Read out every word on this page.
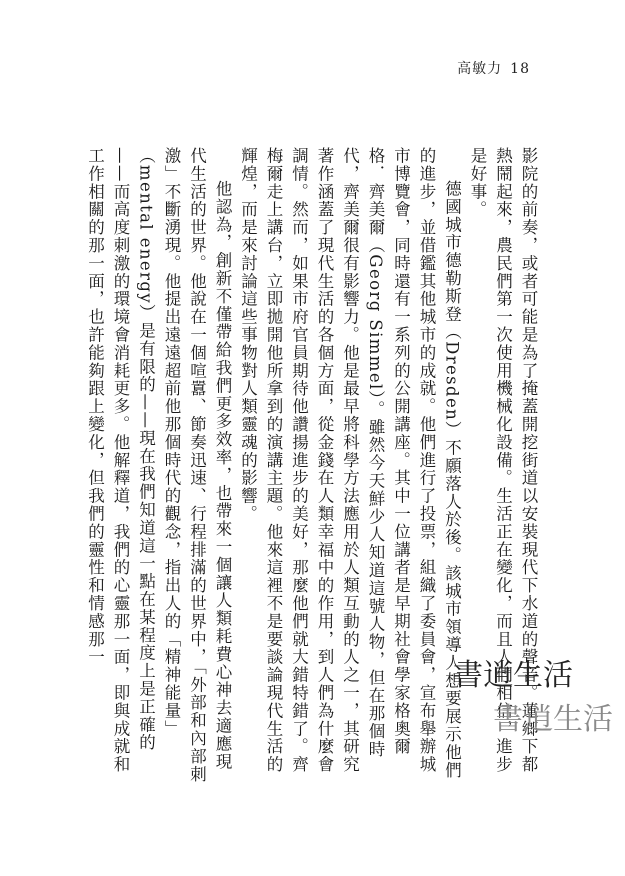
高敏力 18

影院的前奏，或者可能是為了掩蓋開挖街道以安裝現代下水道的聲音。蓮鄉下都熱鬧起來，農民們第一次使用機械化設備。生活正在變化，而且人們相信，進步是好事。

德國城市德勒斯登（Dresden）不願落人於後。該城市領導人想要展示他們的進步，並借鑑其他城市的成就。他們進行了投票，組織了委員會，宣布舉辦城市博覽會，同時還有一系列的公開講座。其中一位講者是早期社會學家格奧爾格．齊美爾（Georg Simmel）。雖然今天鮮少人知道這號人物，但在那個時代，齊美爾很有影響力。他是最早將科學方法應用於人類互動的人之一，其研究著作涵蓋了現代生活的各個方面，從金錢在人類幸福中的作用，到人們為什麼會調情。然而，如果市府官員期待他讚揚進步的美好，那麼他們就大錯特錯了。齊梅爾走上講台，立即拋開他所拿到的演講主題。他來這裡不是要談論現代生活的輝煌，而是來討論這些事物對人類靈魂的影響。

他認為，創新不僅帶給我們更多效率，也帶來一個讓人類耗費心神去適應現代生活的世界。他說在一個喧囂、節奏迅速、行程排滿的世界中，「外部和內部刺激」不斷湧現。他提出遠遠超前他那個時代的觀念，指出人的「精神能量」（mental energy）是有限的——現在我們知道這一點在某程度上是正確的——而高度刺激的環境會消耗更多。他解釋道，我們的心靈那一面，即與成就和工作相關的那一面，也許能夠跟上變化，但我們的靈性和情感那一

書逍生活
書逍生活
